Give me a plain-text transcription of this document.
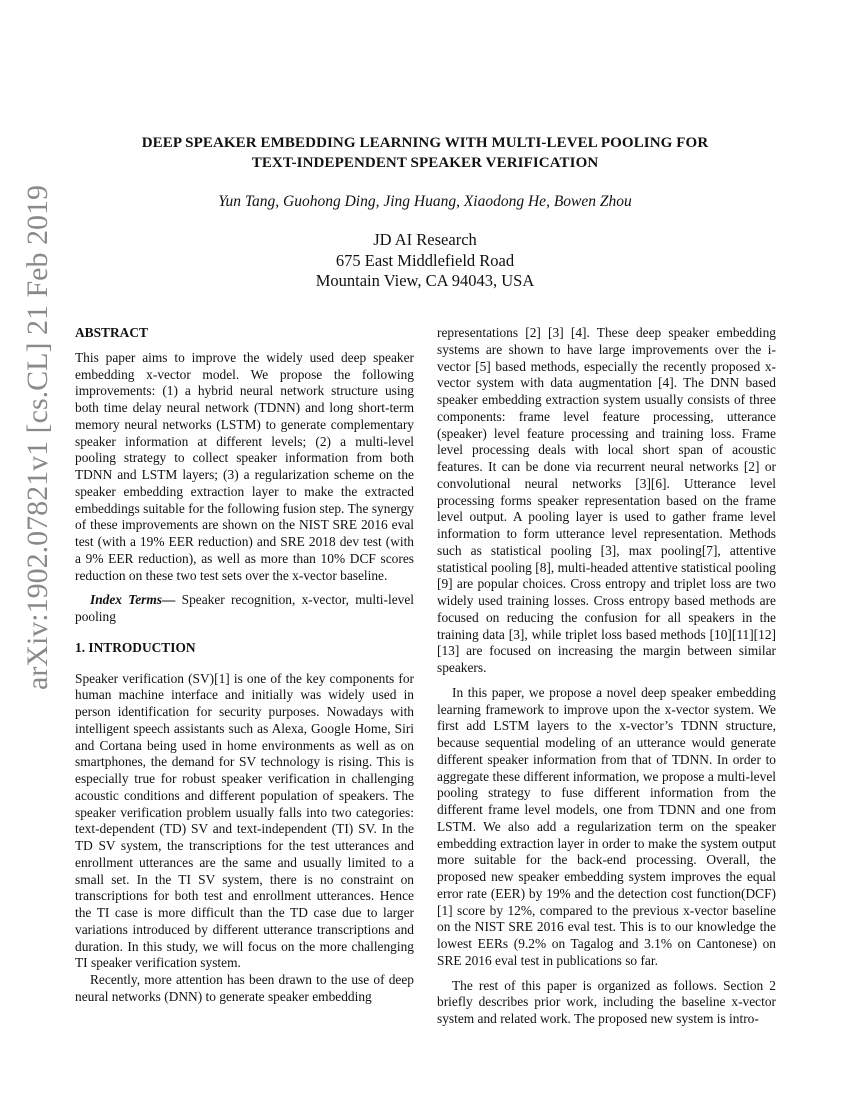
arXiv:1902.07821v1 [cs.CL] 21 Feb 2019
DEEP SPEAKER EMBEDDING LEARNING WITH MULTI-LEVEL POOLING FOR
TEXT-INDEPENDENT SPEAKER VERIFICATION
Yun Tang, Guohong Ding, Jing Huang, Xiaodong He, Bowen Zhou
JD AI Research
675 East Middlefield Road
Mountain View, CA 94043, USA

ABSTRACT

This paper aims to improve the widely used deep speaker embedding x-vector model. We propose the following improvements: (1) a hybrid neural network structure using both time delay neural network (TDNN) and long short-term memory neural networks (LSTM) to generate complementary speaker information at different levels; (2) a multi-level pooling strategy to collect speaker information from both TDNN and LSTM layers; (3) a regularization scheme on the speaker embedding extraction layer to make the extracted embeddings suitable for the following fusion step. The synergy of these improvements are shown on the NIST SRE 2016 eval test (with a 19% EER reduction) and SRE 2018 dev test (with a 9% EER reduction), as well as more than 10% DCF scores reduction on these two test sets over the x-vector baseline.

Index Terms— Speaker recognition, x-vector, multi-level pooling

1. INTRODUCTION

Speaker verification (SV)[1] is one of the key components for human machine interface and initially was widely used in person identification for security purposes. Nowadays with intelligent speech assistants such as Alexa, Google Home, Siri and Cortana being used in home environments as well as on smartphones, the demand for SV technology is rising. This is especially true for robust speaker verification in challenging acoustic conditions and different population of speakers. The speaker verification problem usually falls into two categories: text-dependent (TD) SV and text-independent (TI) SV. In the TD SV system, the transcriptions for the test utterances and enrollment utterances are the same and usually limited to a small set. In the TI SV system, there is no constraint on transcriptions for both test and enrollment utterances. Hence the TI case is more difficult than the TD case due to larger variations introduced by different utterance transcriptions and duration. In this study, we will focus on the more challenging TI speaker verification system.

Recently, more attention has been drawn to the use of deep neural networks (DNN) to generate speaker embedding

representations [2] [3] [4]. These deep speaker embedding systems are shown to have large improvements over the i-vector [5] based methods, especially the recently proposed x-vector system with data augmentation [4]. The DNN based speaker embedding extraction system usually consists of three components: frame level feature processing, utterance (speaker) level feature processing and training loss. Frame level processing deals with local short span of acoustic features. It can be done via recurrent neural networks [2] or convolutional neural networks [3][6]. Utterance level processing forms speaker representation based on the frame level output. A pooling layer is used to gather frame level information to form utterance level representation. Methods such as statistical pooling [3], max pooling[7], attentive statistical pooling [8], multi-headed attentive statistical pooling [9] are popular choices. Cross entropy and triplet loss are two widely used training losses. Cross entropy based methods are focused on reducing the confusion for all speakers in the training data [3], while triplet loss based methods [10][11][12][13] are focused on increasing the margin between similar speakers.

In this paper, we propose a novel deep speaker embedding learning framework to improve upon the x-vector system. We first add LSTM layers to the x-vector’s TDNN structure, because sequential modeling of an utterance would generate different speaker information from that of TDNN. In order to aggregate these different information, we propose a multi-level pooling strategy to fuse different information from the different frame level models, one from TDNN and one from LSTM. We also add a regularization term on the speaker embedding extraction layer in order to make the system output more suitable for the back-end processing. Overall, the proposed new speaker embedding system improves the equal error rate (EER) by 19% and the detection cost function(DCF)[1] score by 12%, compared to the previous x-vector baseline on the NIST SRE 2016 eval test. This is to our knowledge the lowest EERs (9.2% on Tagalog and 3.1% on Cantonese) on SRE 2016 eval test in publications so far.

The rest of this paper is organized as follows. Section 2 briefly describes prior work, including the baseline x-vector system and related work. The proposed new system is intro-
